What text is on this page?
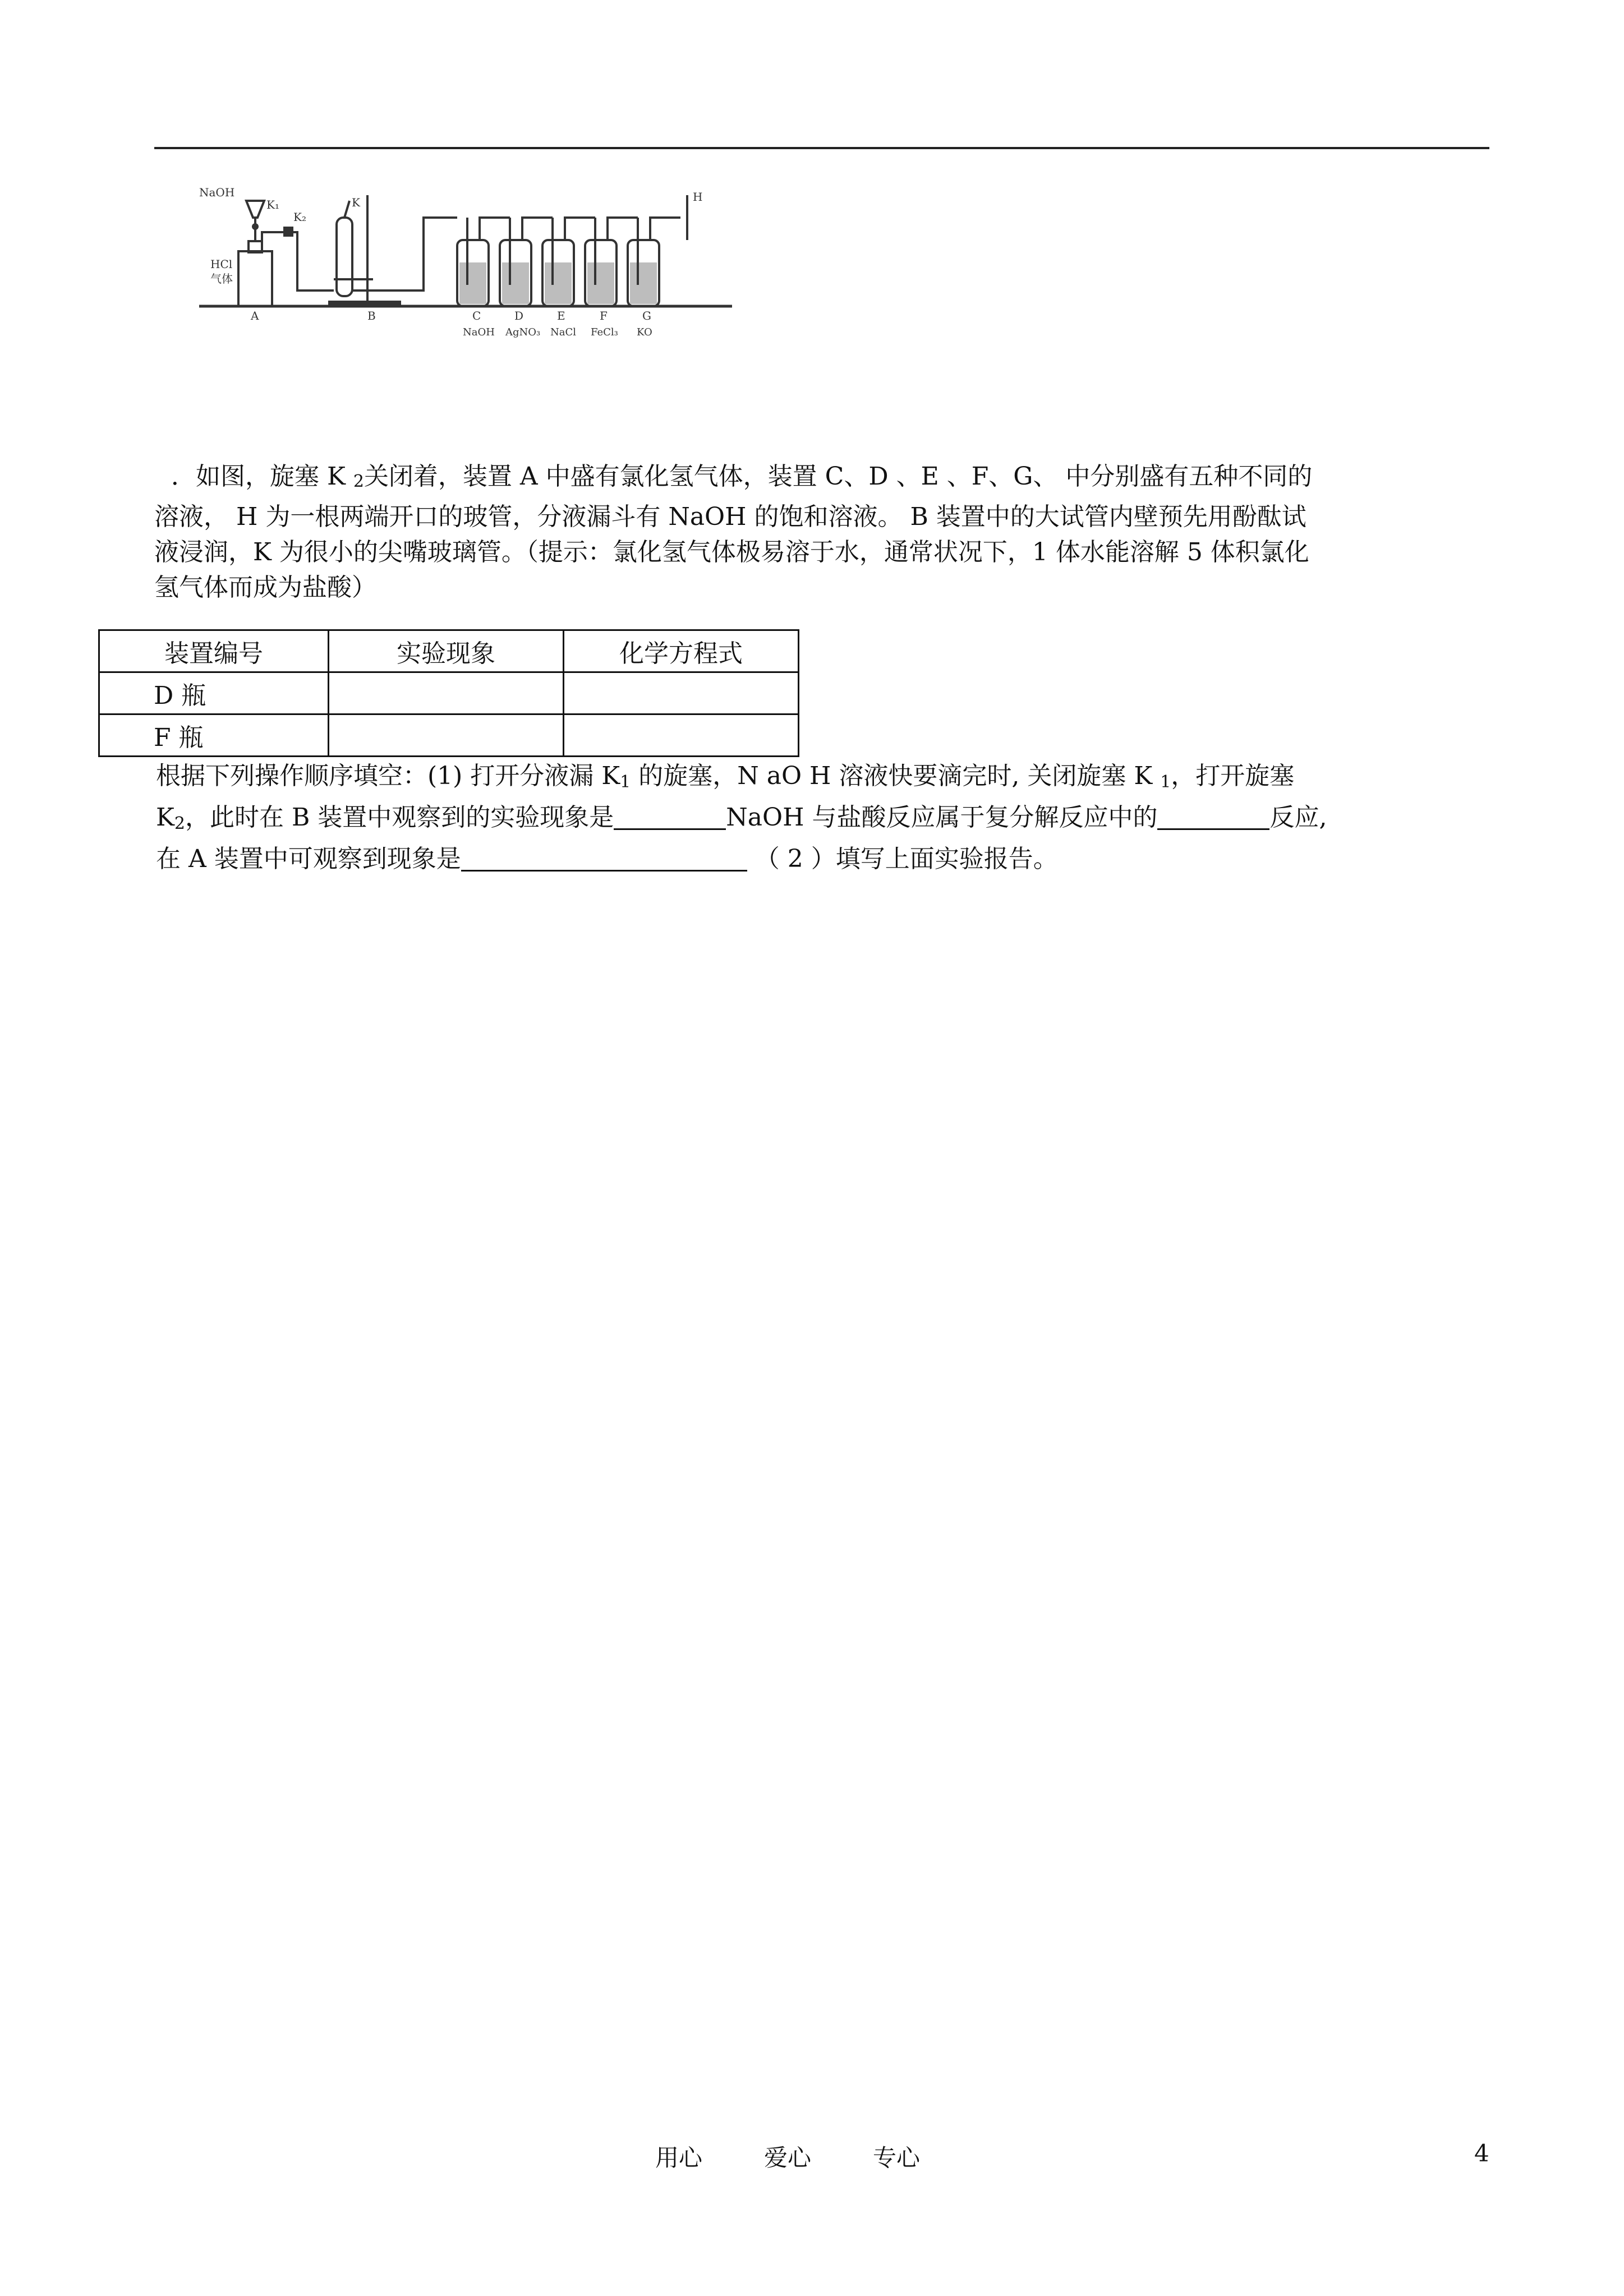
NaOH
K₁
K₂
HCl
气体
K	H
A	B	C	D	E	F	G
NaOH AgNO₃ NaCl FeCl₃ KO
．如图，旋塞 K 2关闭着，装置 A 中盛有氯化氢气体，装置 C、D 、E 、F、G、 中分别盛有五种不同的
溶液， H 为一根两端开口的玻管，分液漏斗有 NaOH 的饱和溶液。 B 装置中的大试管内壁预先用酚酞试
液浸润，K 为很小的尖嘴玻璃管。（提示：氯化氢气体极易溶于水，通常状况下，1 体水能溶解 5 体积氯化
氢气体而成为盐酸）
装置编号	实验现象	化学方程式
D 瓶		
F 瓶		
根据下列操作顺序填空：(1) 打开分液漏 $K_1$ 的旋塞，N aO H 溶液快要滴完时, 关闭旋塞 K $_1$，打开旋塞
$K_2$，此时在 B 装置中观察到的实验现象是	NaOH 与盐酸反应属于复分解反应中的	反应,
在 A 装置中可观察到现象是	（ 2 ）填写上面实验报告。
用心	爱心	专心	4
